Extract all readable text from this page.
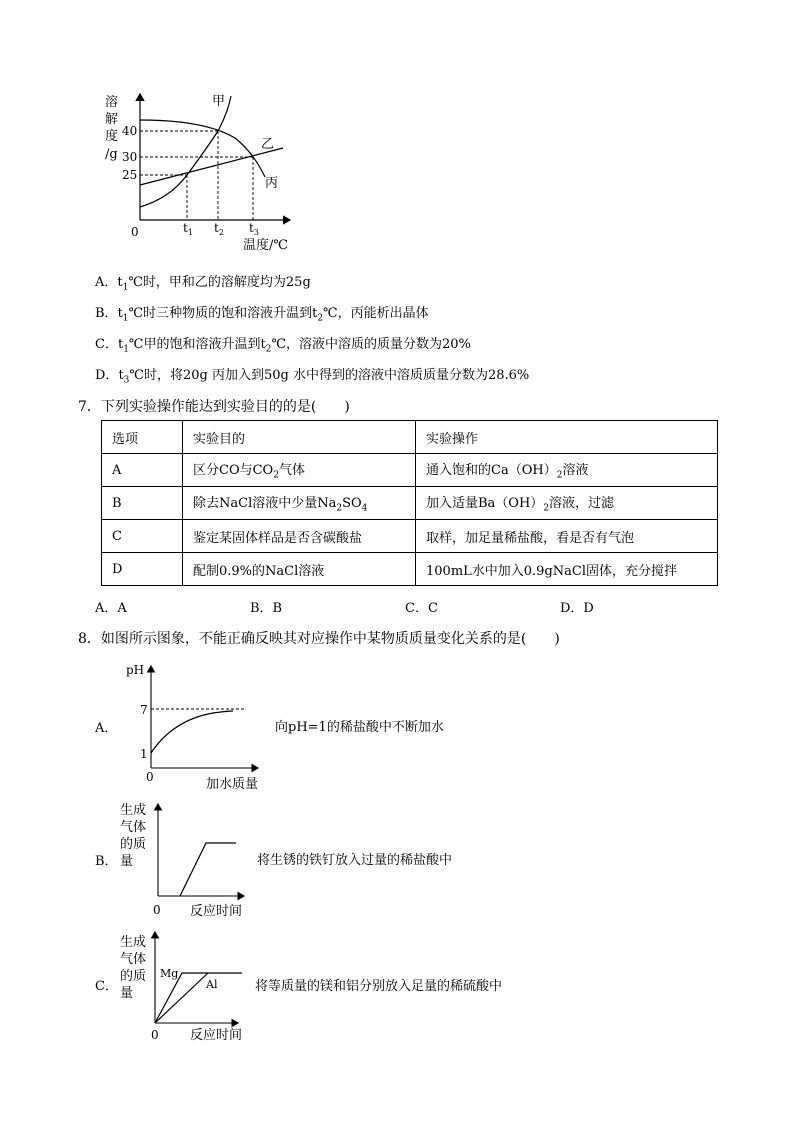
溶
解
度
/g
40
30
25
0	$t_1$ $t_2$ $t_3$
温度/℃
甲
乙
丙
A．$t_1℃$时，甲和乙的溶解度均为25g
B．$t_1℃$时三种物质的饱和溶液升温到$t_2℃$，丙能析出晶体
C．$t_1℃$甲的饱和溶液升温到$t_2℃$，溶液中溶质的质量分数为20%
D．$t_3℃$时，将20g 丙加入到50g 水中得到的溶液中溶质质量分数为28.6%
7．下列实验操作能达到实验目的的是(　　)
选项	实验目的	实验操作
A	区分CO与$CO_2$气体	通入饱和的$Ca(OH)_2$溶液
B	除去NaCl溶液中少量$Na_2SO_4$	加入适量$Ba(OH)_2$溶液，过滤
C	鉴定某固体样品是否含碳酸盐	取样，加足量稀盐酸，看是否有气泡
D	配制0.9%的NaCl溶液	100mL水中加入0.9gNaCl固体，充分搅拌
A．A	B．B	C．C	D．D
8．如图所示图象，不能正确反映其对应操作中某物质质量变化关系的是(　　)
A．
pH
7
1
0	加水质量
向pH=1的稀盐酸中不断加水
B．
生成
气体
的质
量
0 反应时间
将生锈的铁钉放入过量的稀盐酸中
C．
生成
气体
的质
量
0
Mg
Al
反应时间
将等质量的镁和铝分别放入足量的稀硫酸中
